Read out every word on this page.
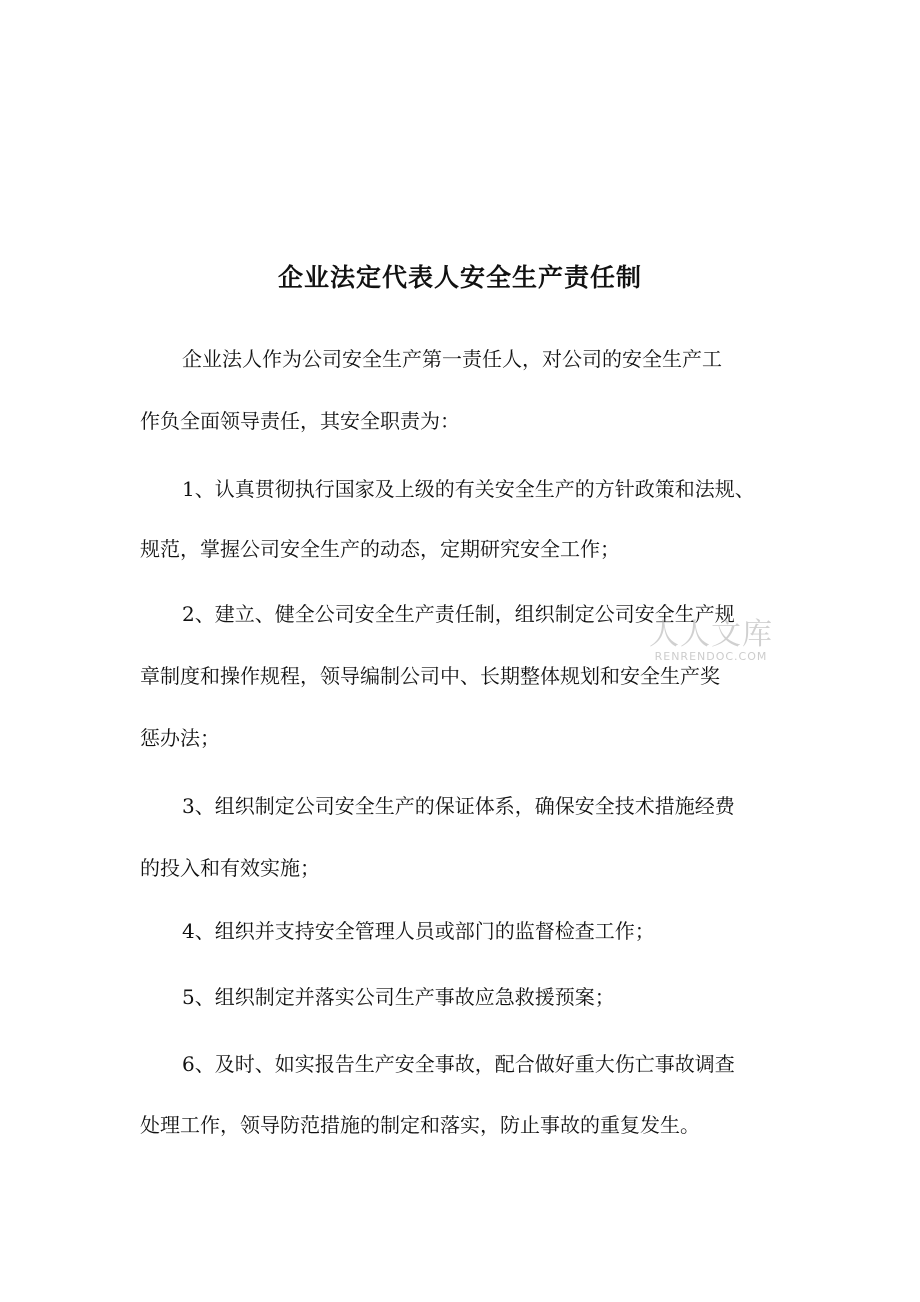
企业法定代表人安全生产责任制
企业法人作为公司安全生产第一责任人，对公司的安全生产工
作负全面领导责任，其安全职责为：
1、认真贯彻执行国家及上级的有关安全生产的方针政策和法规、
规范，掌握公司安全生产的动态，定期研究安全工作；
2、建立、健全公司安全生产责任制，组织制定公司安全生产规
章制度和操作规程，领导编制公司中、长期整体规划和安全生产奖
惩办法；
3、组织制定公司安全生产的保证体系，确保安全技术措施经费
的投入和有效实施；
4、组织并支持安全管理人员或部门的监督检查工作；
5、组织制定并落实公司生产事故应急救援预案；
6、及时、如实报告生产安全事故，配合做好重大伤亡事故调查
处理工作，领导防范措施的制定和落实，防止事故的重复发生。
人人文库
RENRENDOC.COM
